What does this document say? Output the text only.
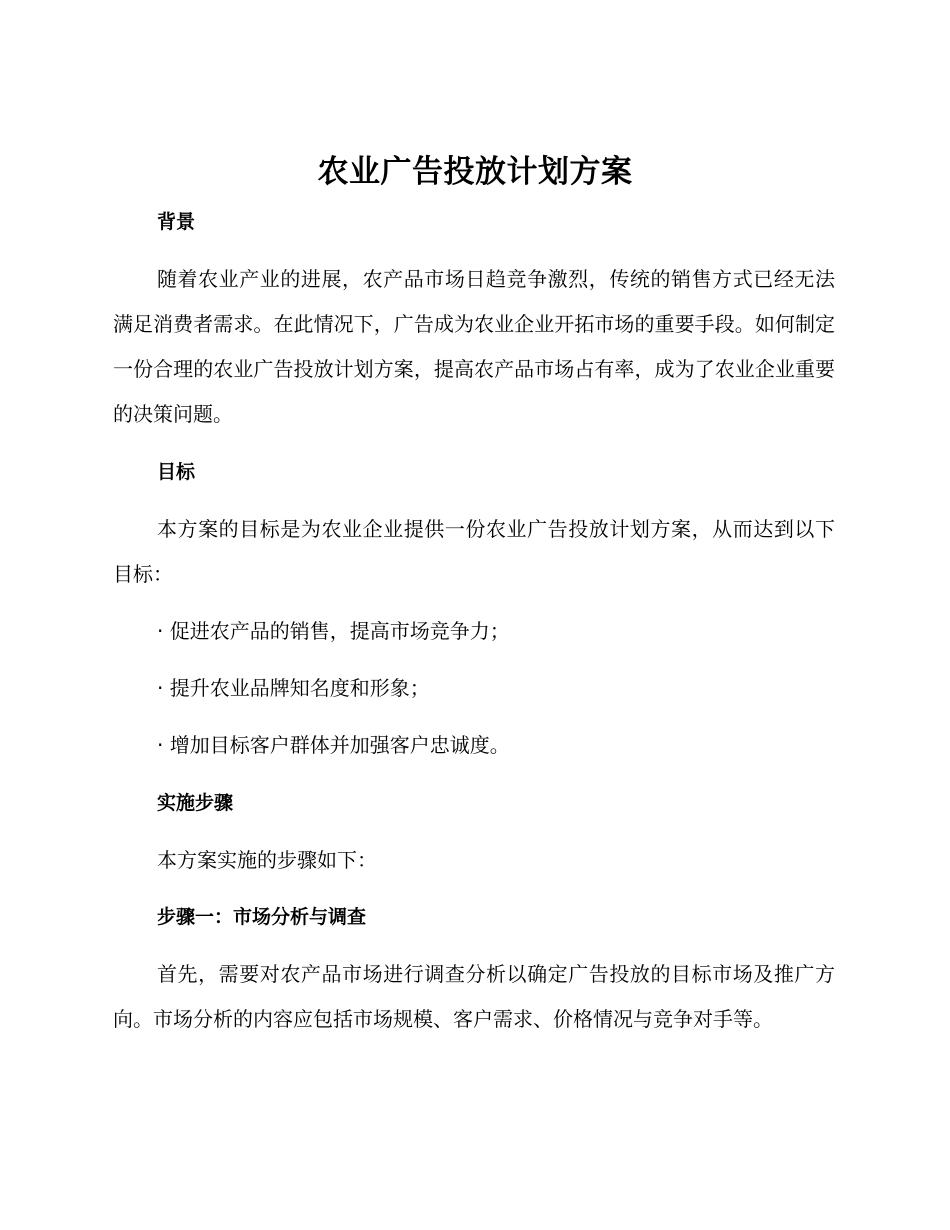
农业广告投放计划方案
背景

随着农业产业的进展，农产品市场日趋竞争激烈，传统的销售方式已经无法满足消费者需求。在此情况下，广告成为农业企业开拓市场的重要手段。如何制定一份合理的农业广告投放计划方案，提高农产品市场占有率，成为了农业企业重要的决策问题。

目标

本方案的目标是为农业企业提供一份农业广告投放计划方案，从而达到以下目标：

· 促进农产品的销售，提高市场竞争力；
· 提升农业品牌知名度和形象；
· 增加目标客户群体并加强客户忠诚度。
实施步骤
本方案实施的步骤如下：
步骤一：市场分析与调查

首先，需要对农产品市场进行调查分析以确定广告投放的目标市场及推广方向。市场分析的内容应包括市场规模、客户需求、价格情况与竞争对手等。
